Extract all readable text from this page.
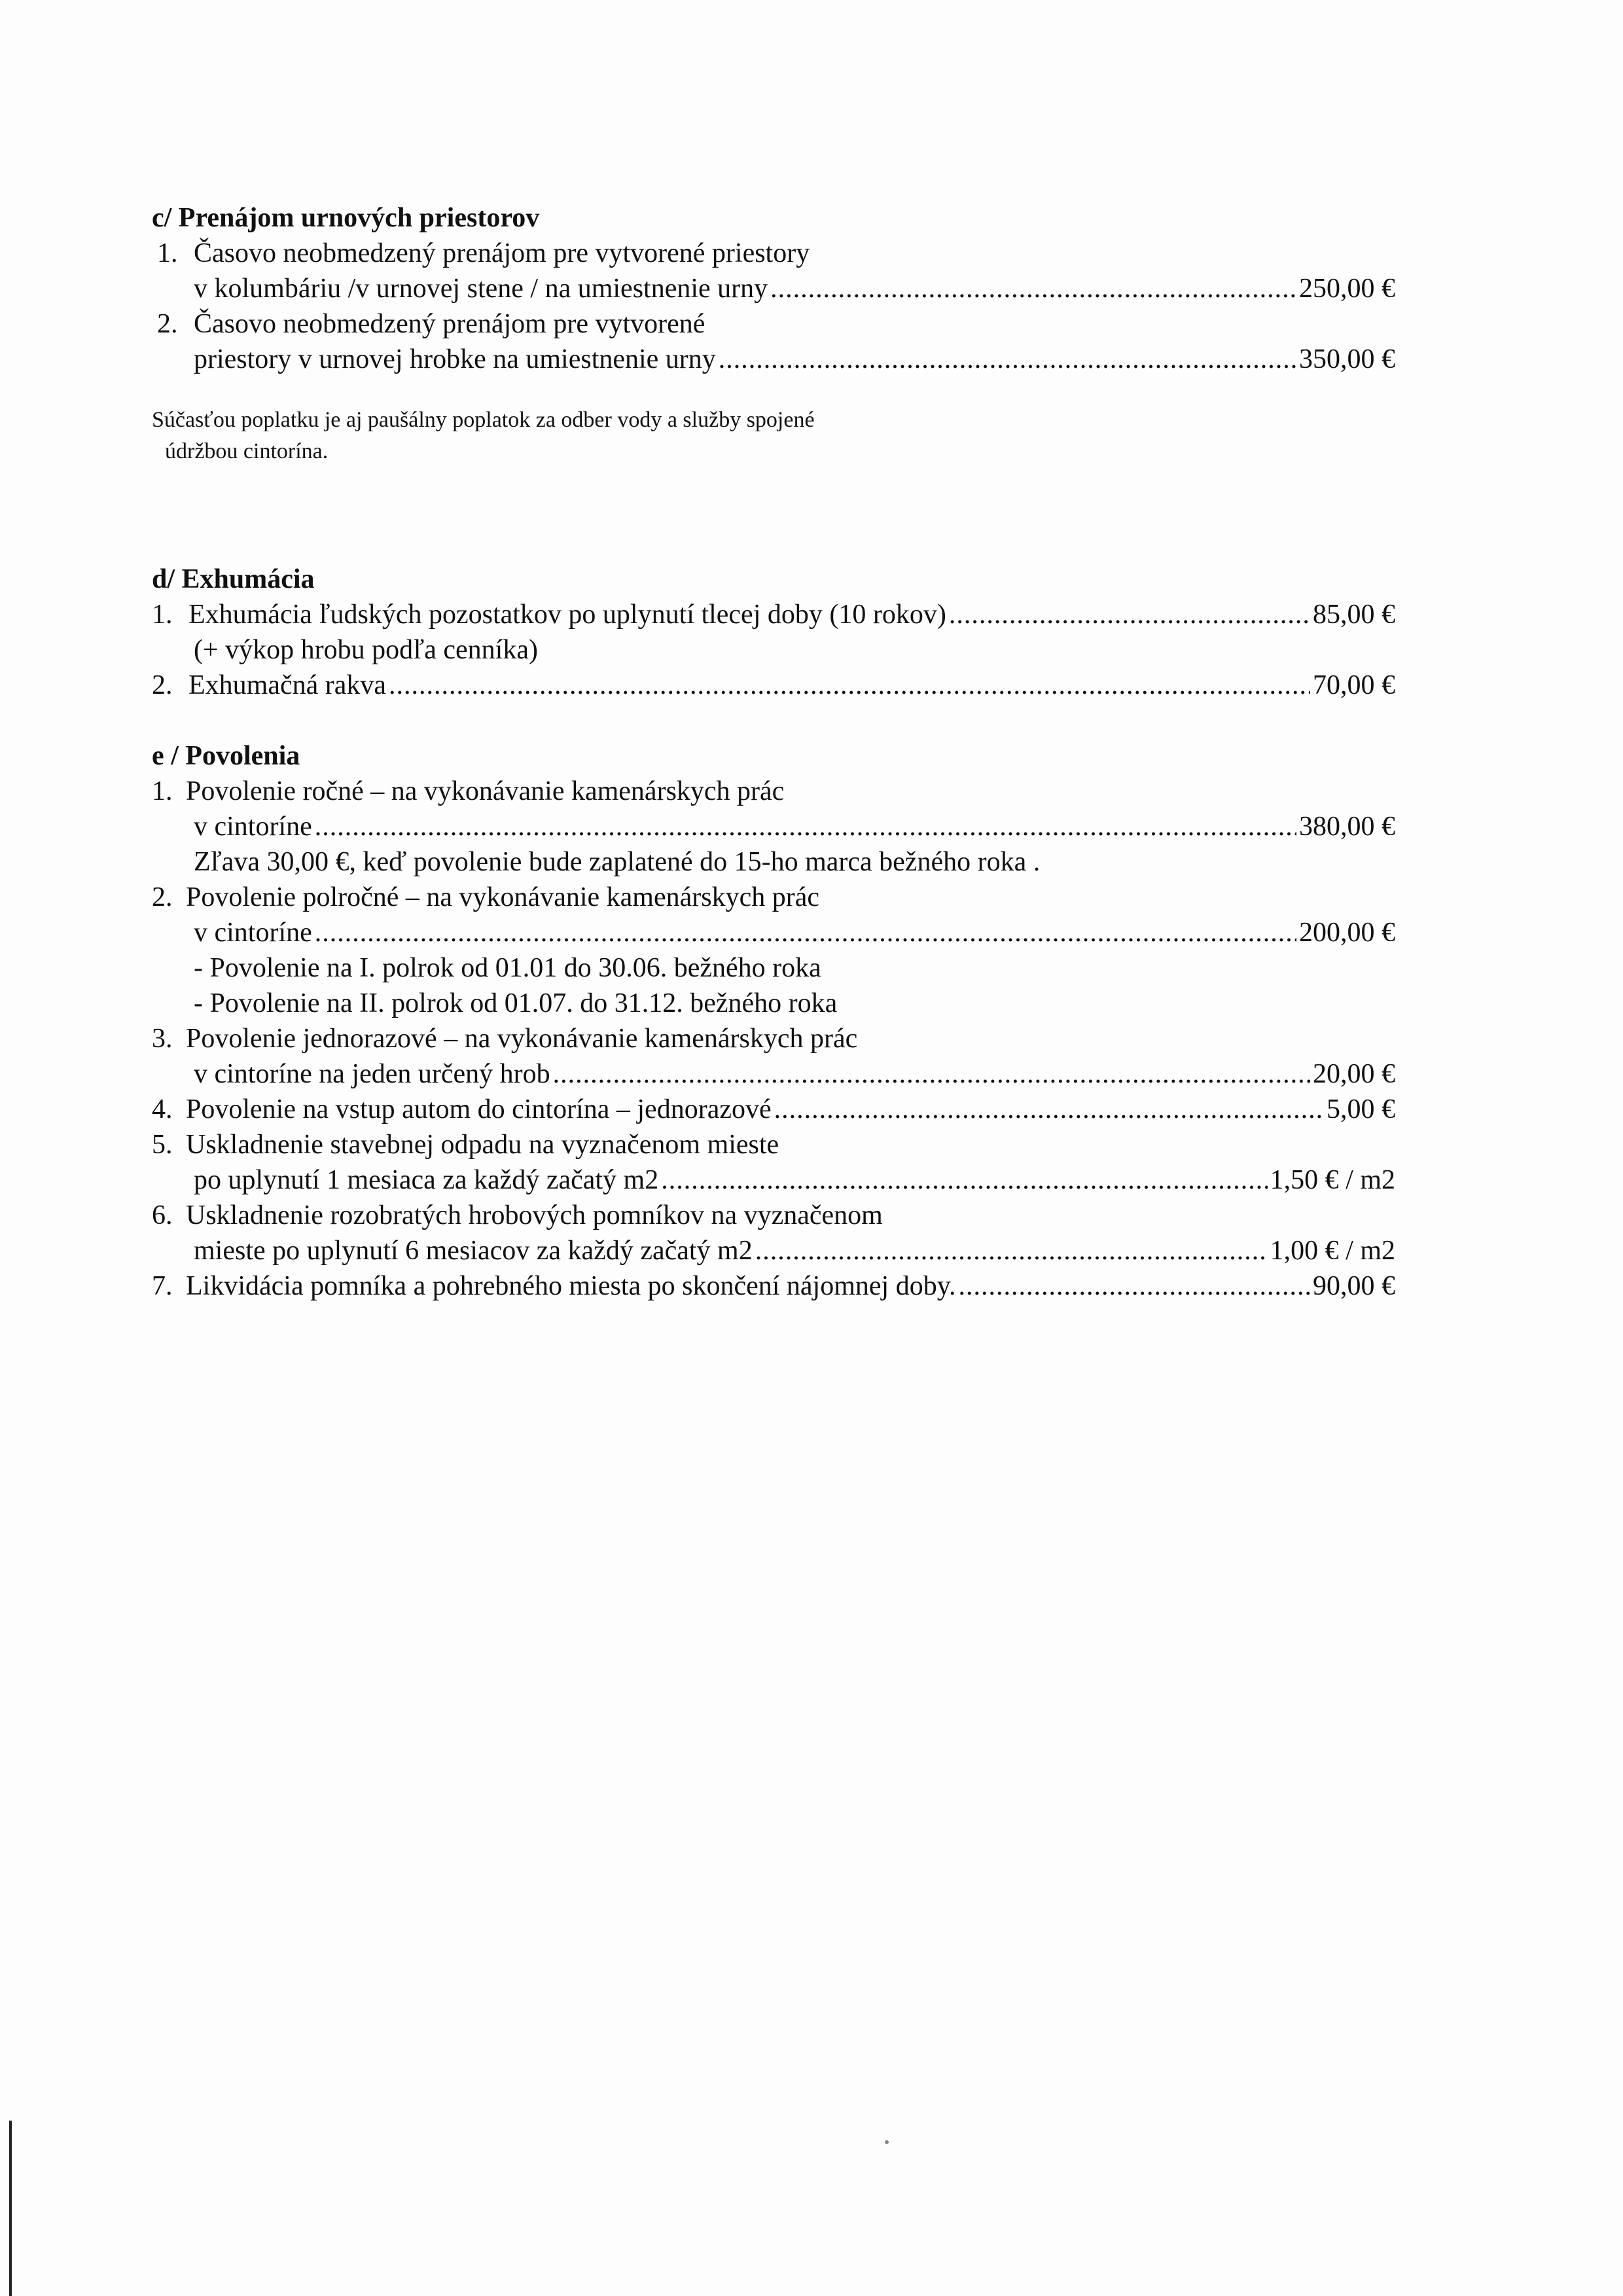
c/ Prenájom urnových priestorov
1. Časovo neobmedzený prenájom pre vytvorené priestory
v kolumbáriu /v urnovej stene / na umiestnenie urny .....	250,00 €
2. Časovo neobmedzený prenájom pre vytvorené
priestory v urnovej hrobke na umiestnenie urny .....	350,00 €
Súčasťou poplatku je aj paušálny poplatok za odber vody a služby spojené
údržbou cintorína.
d/ Exhumácia
1. Exhumácia ľudských pozostatkov po uplynutí tlecej doby (10 rokov) .....	85,00 €
(+ výkop hrobu podľa cenníka)
2. Exhumačná rakva .....	70,00 €
e / Povolenia
1. Povolenie ročné – na vykonávanie kamenárskych prác
v cintoríne .....	380,00 €
Zľava 30,00 €, keď povolenie bude zaplatené do 15-ho marca bežného roka .
2. Povolenie polročné – na vykonávanie kamenárskych prác
v cintoríne .....	200,00 €
- Povolenie na I. polrok od 01.01 do 30.06. bežného roka
- Povolenie na II. polrok od 01.07. do 31.12. bežného roka
3. Povolenie jednorazové – na vykonávanie kamenárskych prác
v cintoríne na jeden určený hrob .....	20,00 €
4. Povolenie na vstup autom do cintorína – jednorazové .....	5,00 €
5. Uskladnenie stavebnej odpadu na vyznačenom mieste
po uplynutí 1 mesiaca za každý začatý m2 .....	1,50 € / m2
6. Uskladnenie rozobratých hrobových pomníkov na vyznačenom
mieste po uplynutí 6 mesiacov za každý začatý m2 .....	1,00 € / m2
7. Likvidácia pomníka a pohrebného miesta po skončení nájomnej doby. .....	90,00 €
